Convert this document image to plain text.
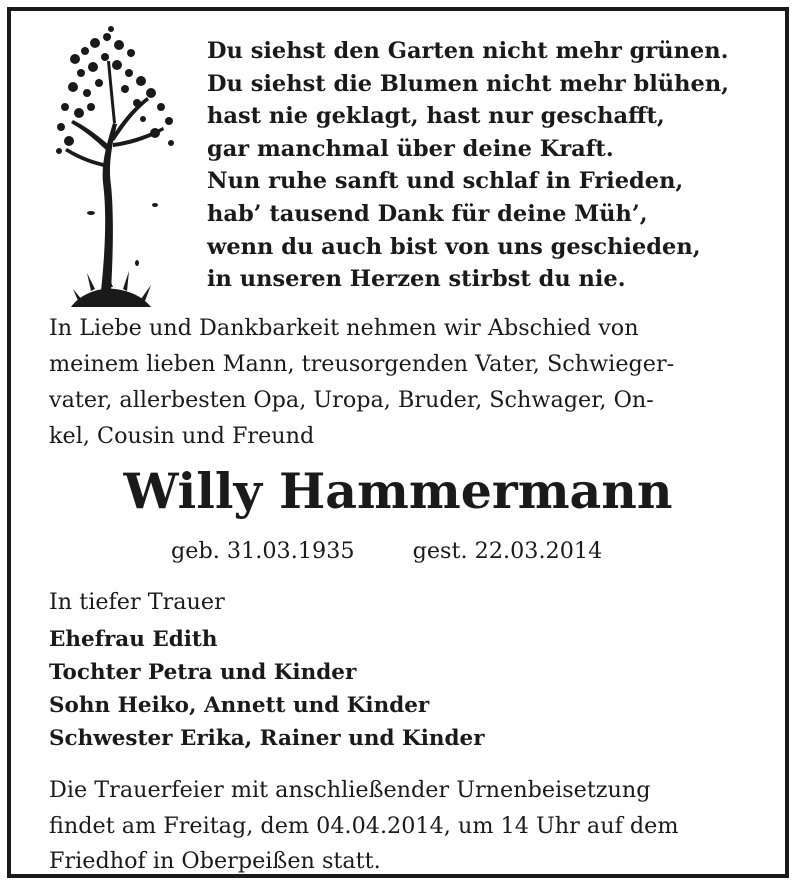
Du siehst den Garten nicht mehr grünen.
Du siehst die Blumen nicht mehr blühen,
hast nie geklagt, hast nur geschafft,
gar manchmal über deine Kraft.
Nun ruhe sanft und schlaf in Frieden,
hab’ tausend Dank für deine Müh’,
wenn du auch bist von uns geschieden,
in unseren Herzen stirbst du nie.

In Liebe und Dankbarkeit nehmen wir Abschied von
meinem lieben Mann, treusorgenden Vater, Schwieger-
vater, allerbesten Opa, Uropa, Bruder, Schwager, On-
kel, Cousin und Freund

Willy Hammermann
geb. 31.03.1935	gest. 22.03.2014
In tiefer Trauer
Ehefrau Edith
Tochter Petra und Kinder
Sohn Heiko, Annett und Kinder
Schwester Erika, Rainer und Kinder

Die Trauerfeier mit anschließender Urnenbeisetzung
findet am Freitag, dem 04.04.2014, um 14 Uhr auf dem
Friedhof in Oberpeißen statt.
